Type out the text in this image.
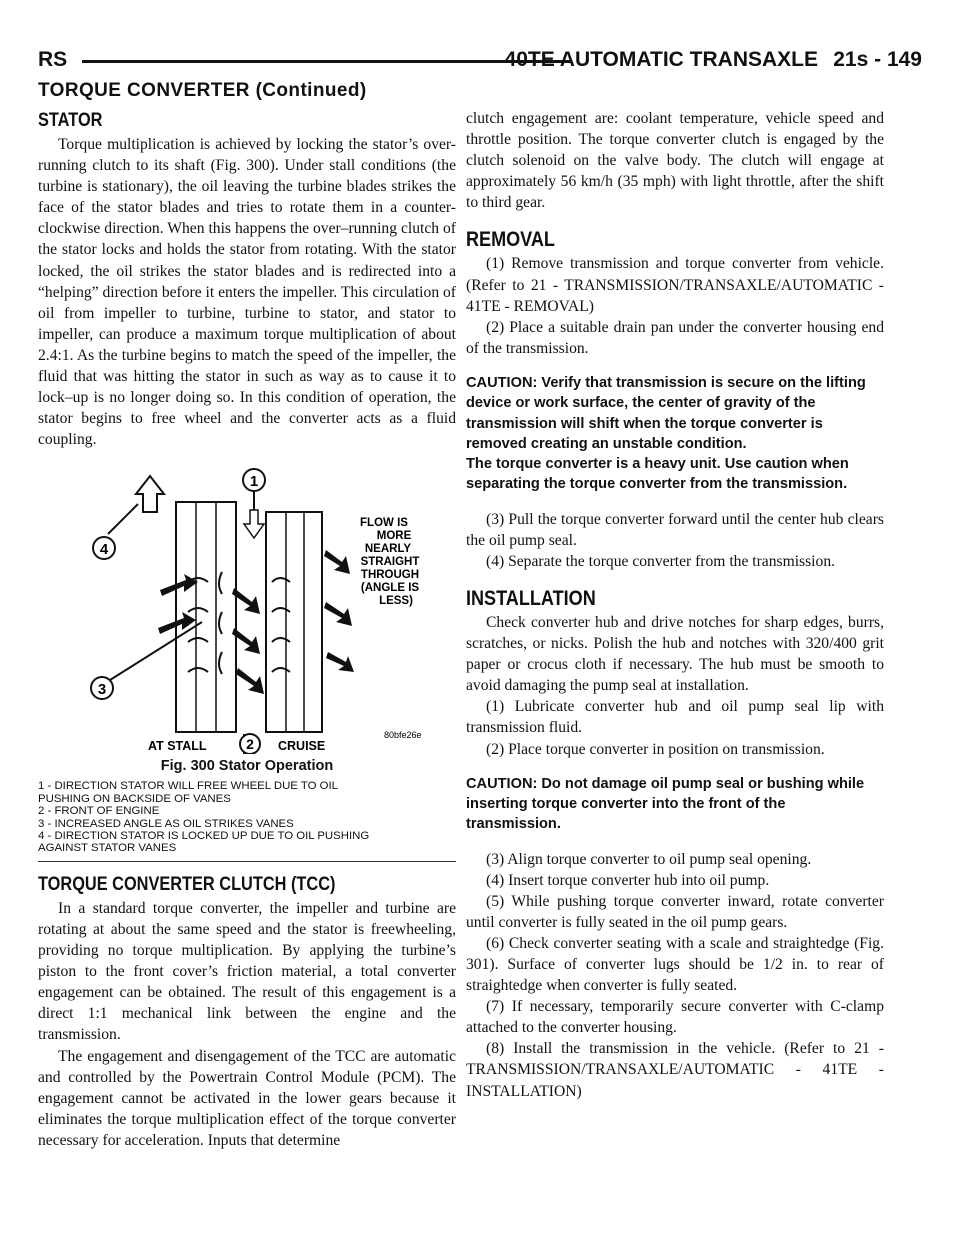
RS	40TE AUTOMATIC TRANSAXLE 21s - 149
TORQUE CONVERTER (Continued)
STATOR

Torque multiplication is achieved by locking the stator’s over-running clutch to its shaft (Fig. 300). Under stall conditions (the turbine is stationary), the oil leaving the turbine blades strikes the face of the stator blades and tries to rotate them in a counter-clockwise direction. When this happens the over–running clutch of the stator locks and holds the stator from rotating. With the stator locked, the oil strikes the stator blades and is redirected into a “helping” direction before it enters the impeller. This circulation of oil from impeller to turbine, turbine to stator, and stator to impeller, can produce a maximum torque multiplication of about 2.4:1. As the turbine begins to match the speed of the impeller, the fluid that was hitting the stator in such as way as to cause it to lock–up is no longer doing so. In this condition of operation, the stator begins to free wheel and the converter acts as a fluid coupling.

4
1
3
FLOW IS
MORE
NEARLY
STRAIGHT
THROUGH
(ANGLE IS
LESS)
AT STALL	CRUISE
2
80bfe26e
Fig. 300 Stator Operation
1 - DIRECTION STATOR WILL FREE WHEEL DUE TO OIL
PUSHING ON BACKSIDE OF VANES
2 - FRONT OF ENGINE
3 - INCREASED ANGLE AS OIL STRIKES VANES
4 - DIRECTION STATOR IS LOCKED UP DUE TO OIL PUSHING
AGAINST STATOR VANES
TORQUE CONVERTER CLUTCH (TCC)

In a standard torque converter, the impeller and turbine are rotating at about the same speed and the stator is freewheeling, providing no torque multiplication. By applying the turbine’s piston to the front cover’s friction material, a total converter engagement can be obtained. The result of this engagement is a direct 1:1 mechanical link between the engine and the transmission.

The engagement and disengagement of the TCC are automatic and controlled by the Powertrain Control Module (PCM). The engagement cannot be activated in the lower gears because it eliminates the torque multiplication effect of the torque converter necessary for acceleration. Inputs that determine

clutch engagement are: coolant temperature, vehicle speed and throttle position. The torque converter clutch is engaged by the clutch solenoid on the valve body. The clutch will engage at approximately 56 km/h (35 mph) with light throttle, after the shift to third gear.

REMOVAL

(1) Remove transmission and torque converter from vehicle. (Refer to 21 - TRANSMISSION/TRANSAXLE/AUTOMATIC - 41TE - REMOVAL)

(2) Place a suitable drain pan under the converter housing end of the transmission.

CAUTION: Verify that transmission is secure on the lifting device or work surface, the center of gravity of the transmission will shift when the torque converter is removed creating an unstable condition.

The torque converter is a heavy unit. Use caution when separating the torque converter from the transmission.

(3) Pull the torque converter forward until the center hub clears the oil pump seal.

(4) Separate the torque converter from the transmission.

INSTALLATION

Check converter hub and drive notches for sharp edges, burrs, scratches, or nicks. Polish the hub and notches with 320/400 grit paper or crocus cloth if necessary. The hub must be smooth to avoid damaging the pump seal at installation.

(1) Lubricate converter hub and oil pump seal lip with transmission fluid.

(2) Place torque converter in position on transmission.

CAUTION: Do not damage oil pump seal or bushing while inserting torque converter into the front of the transmission.

(3) Align torque converter to oil pump seal opening.

(4) Insert torque converter hub into oil pump.

(5) While pushing torque converter inward, rotate converter until converter is fully seated in the oil pump gears.

(6) Check converter seating with a scale and straightedge (Fig. 301). Surface of converter lugs should be 1/2 in. to rear of straightedge when converter is fully seated.

(7) If necessary, temporarily secure converter with C-clamp attached to the converter housing.

(8) Install the transmission in the vehicle. (Refer to 21 - TRANSMISSION/TRANSAXLE/AUTOMATIC - 41TE - INSTALLATION)
